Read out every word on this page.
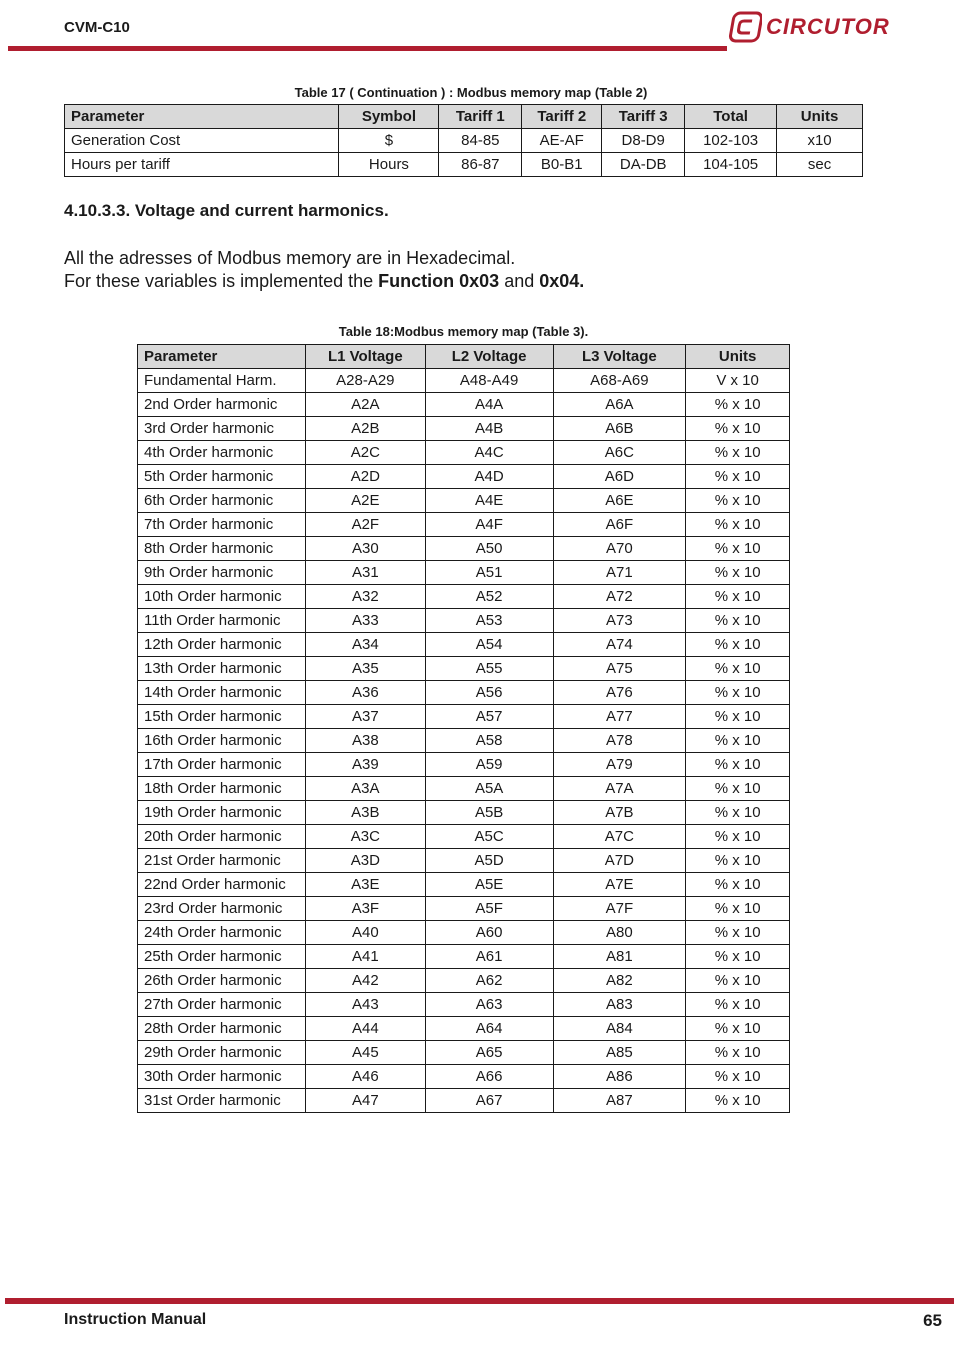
CVM-C10	CIRCUTOR
Table 17 ( Continuation ) : Modbus memory map (Table 2)
Parameter	Symbol	Tariff 1	Tariff 2	Tariff 3	Total	Units
Generation Cost	$	84-85	AE-AF	D8-D9	102-103	x10
Hours per tariff	Hours	86-87	B0-B1	DA-DB	104-105	sec
4.10.3.3. Voltage and current harmonics.
All the adresses of Modbus memory are in Hexadecimal.
For these variables is implemented the Function 0x03 and 0x04.
Table 18:Modbus memory map (Table 3).
Parameter	L1 Voltage	L2 Voltage	L3 Voltage	Units
Fundamental Harm.	A28-A29	A48-A49	A68-A69	V x 10
2nd Order harmonic	A2A	A4A	A6A	% x 10
3rd Order harmonic	A2B	A4B	A6B	% x 10
4th Order harmonic	A2C	A4C	A6C	% x 10
5th Order harmonic	A2D	A4D	A6D	% x 10
6th Order harmonic	A2E	A4E	A6E	% x 10
7th Order harmonic	A2F	A4F	A6F	% x 10
8th Order harmonic	A30	A50	A70	% x 10
9th Order harmonic	A31	A51	A71	% x 10
10th Order harmonic	A32	A52	A72	% x 10
11th Order harmonic	A33	A53	A73	% x 10
12th Order harmonic	A34	A54	A74	% x 10
13th Order harmonic	A35	A55	A75	% x 10
14th Order harmonic	A36	A56	A76	% x 10
15th Order harmonic	A37	A57	A77	% x 10
16th Order harmonic	A38	A58	A78	% x 10
17th Order harmonic	A39	A59	A79	% x 10
18th Order harmonic	A3A	A5A	A7A	% x 10
19th Order harmonic	A3B	A5B	A7B	% x 10
20th Order harmonic	A3C	A5C	A7C	% x 10
21st Order harmonic	A3D	A5D	A7D	% x 10
22nd Order harmonic	A3E	A5E	A7E	% x 10
23rd Order harmonic	A3F	A5F	A7F	% x 10
24th Order harmonic	A40	A60	A80	% x 10
25th Order harmonic	A41	A61	A81	% x 10
26th Order harmonic	A42	A62	A82	% x 10
27th Order harmonic	A43	A63	A83	% x 10
28th Order harmonic	A44	A64	A84	% x 10
29th Order harmonic	A45	A65	A85	% x 10
30th Order harmonic	A46	A66	A86	% x 10
31st Order harmonic	A47	A67	A87	% x 10
Instruction Manual	65
